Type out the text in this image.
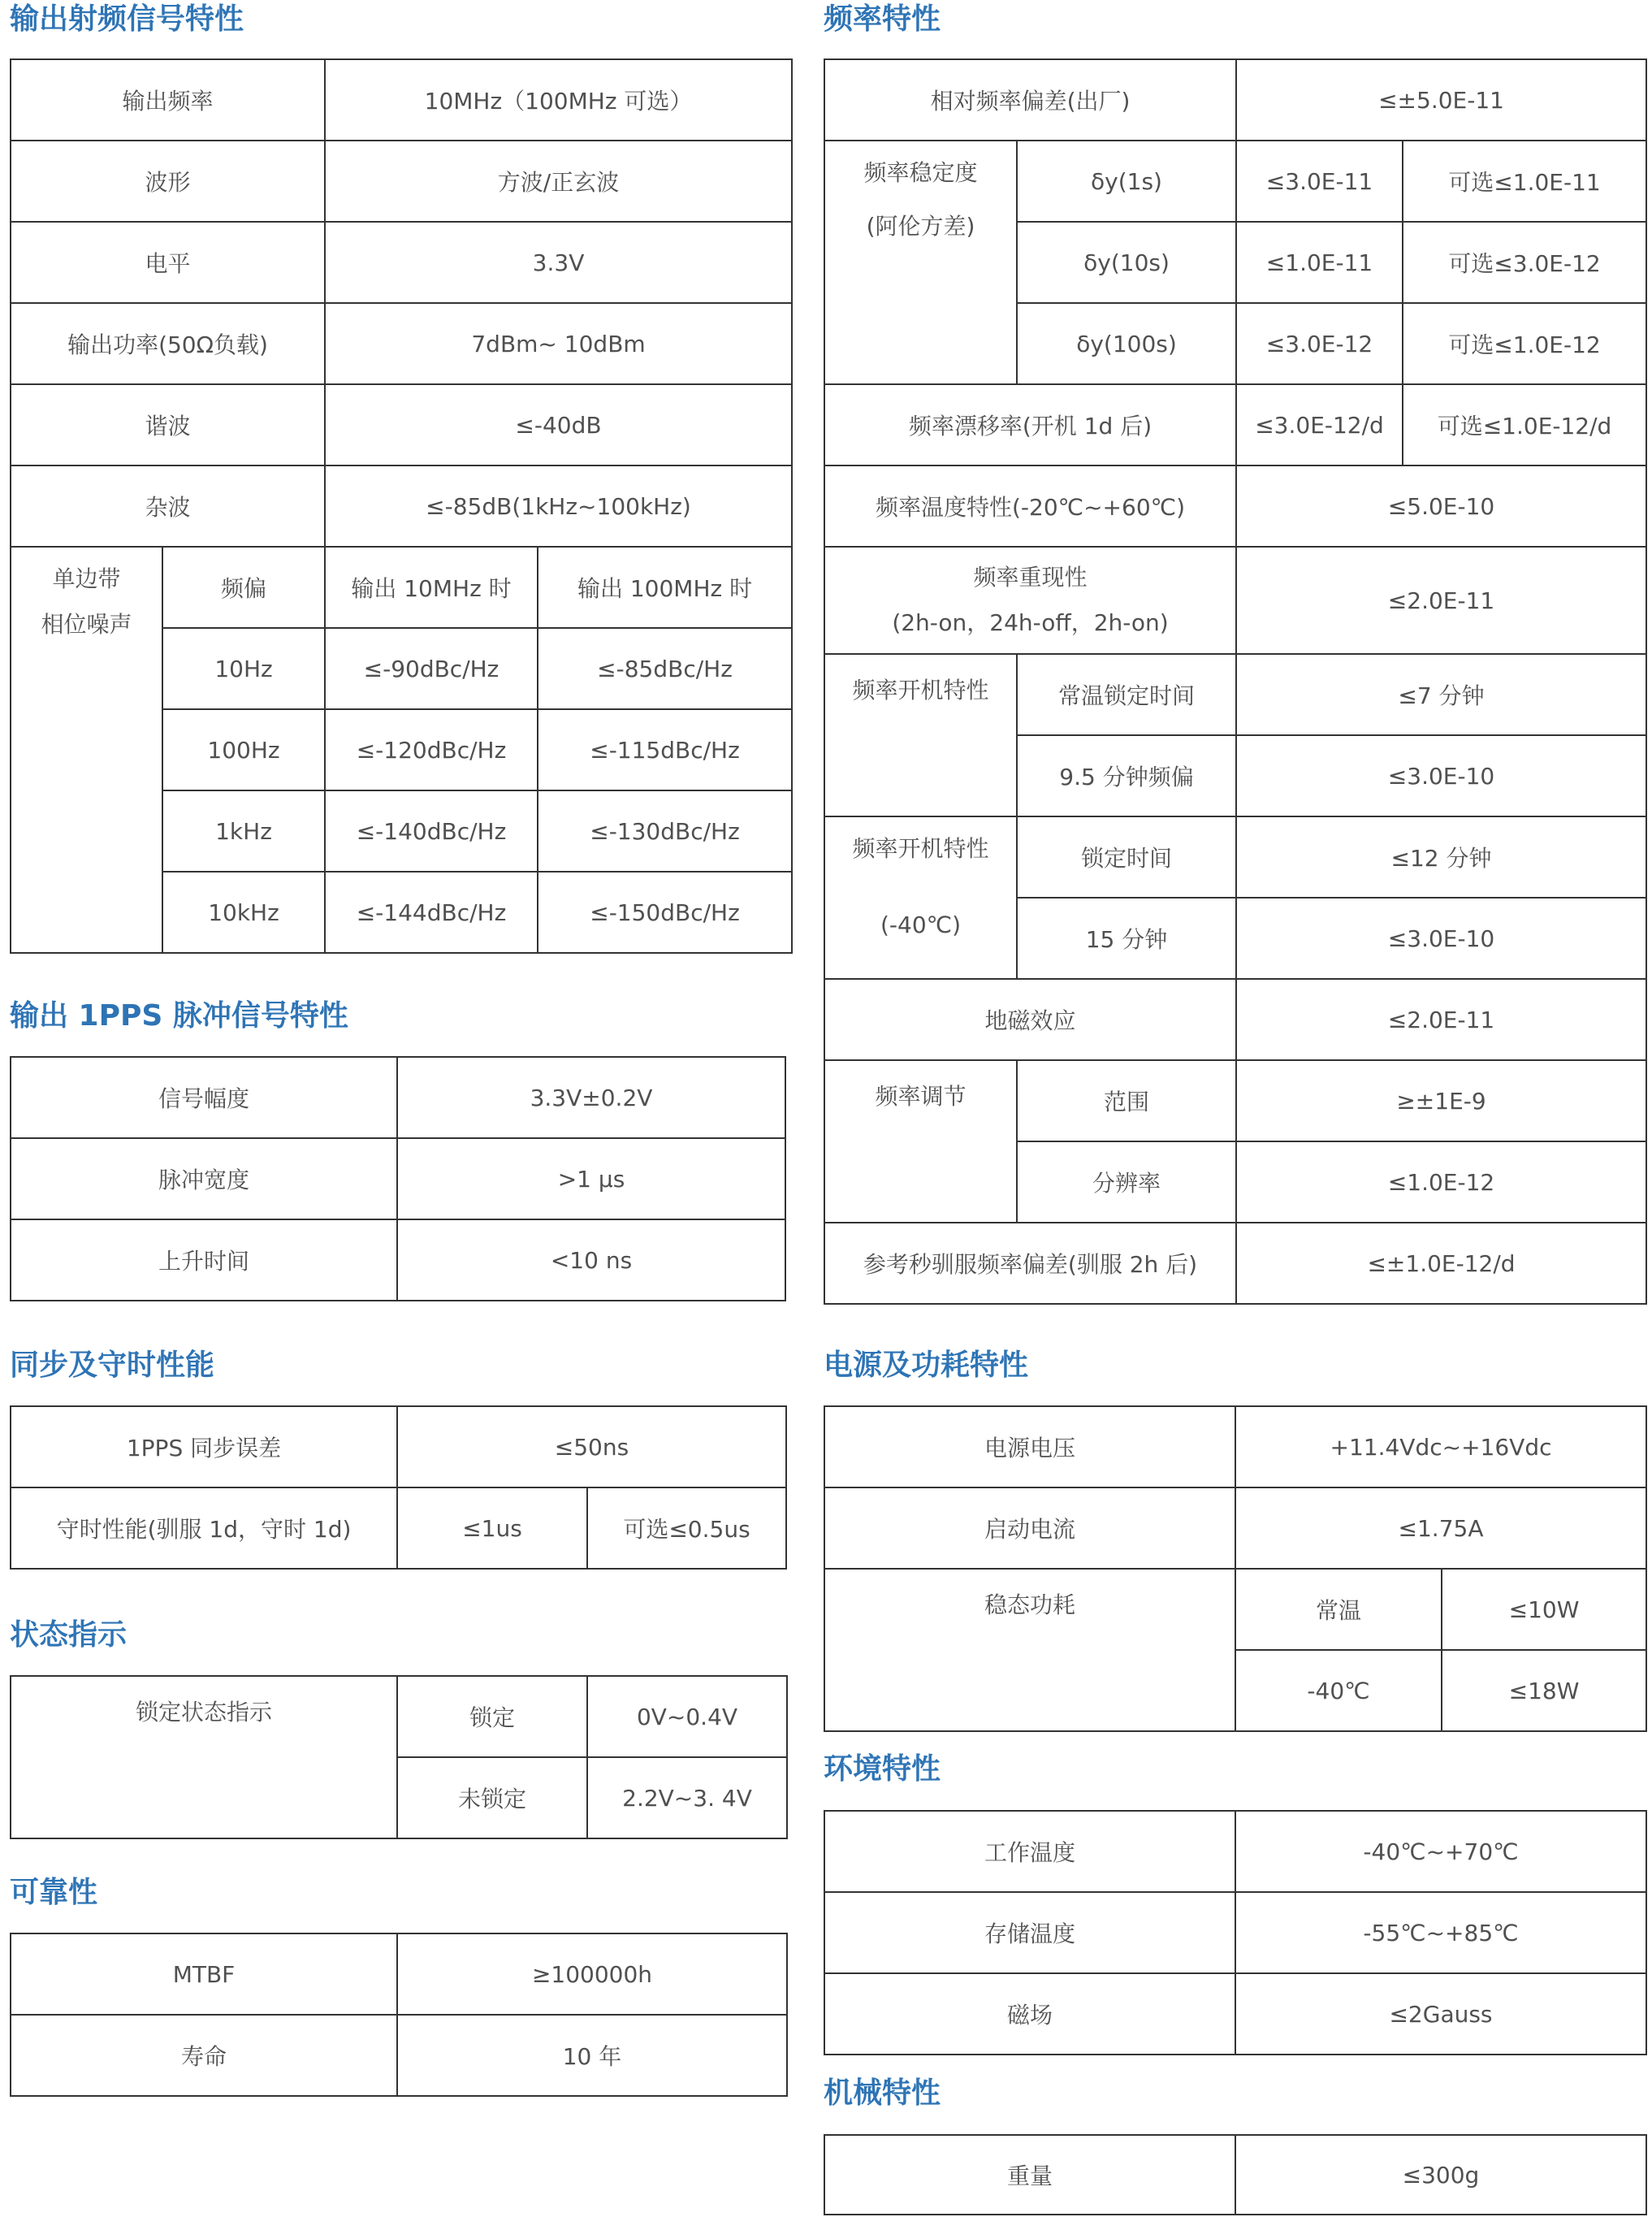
输出射频信号特性
输出频率		10MHz（100MHz 可选）	
波形		方波/正玄波	
电平		3.3V	
输出功率(50Ω负载)		7dBm~ 10dBm	
谐波		≤-40dB	
杂波		≤-85dB(1kHz~100kHz)	

单边带
相位噪声	频偏	输出 10MHz 时	输出 100MHz 时
	10Hz	≤-90dBc/Hz	≤-85dBc/Hz
	100Hz	≤-120dBc/Hz	≤-115dBc/Hz
	1kHz	≤-140dBc/Hz	≤-130dBc/Hz
	10kHz	≤-144dBc/Hz	≤-150dBc/Hz
输出 1PPS 脉冲信号特性
信号幅度	3.3V±0.2V
脉冲宽度	>1 μs
上升时间	<10 ns
同步及守时性能
1PPS 同步误差	≤50ns	
守时性能(驯服 1d，守时 1d)	≤1us	可选≤0.5us
状态指示
锁定状态指示	锁定	0V~0.4V
	未锁定	2.2V~3. 4V
可靠性
MTBF	≥100000h
寿命	10 年
频率特性
相对频率偏差(出厂)		≤±5.0E-11	

频率稳定度
(阿伦方差)	δy(1s)	≤3.0E-11	可选≤1.0E-11
	δy(10s)	≤1.0E-11	可选≤3.0E-12
	δy(100s)	≤3.0E-12	可选≤1.0E-12
频率漂移率(开机 1d 后)		≤3.0E-12/d	可选≤1.0E-12/d
频率温度特性(-20℃~+60℃)		≤5.0E-10	

频率重现性
(2h-on，24h-off，2h-on)		≤2.0E-11	
频率开机特性	常温锁定时间	≤7 分钟	
	9.5 分钟频偏	≤3.0E-10	

频率开机特性
(-40℃)	锁定时间	≤12 分钟	
	15 分钟	≤3.0E-10	
地磁效应		≤2.0E-11	
频率调节	范围	≥±1E-9	
	分辨率	≤1.0E-12	
参考秒驯服频率偏差(驯服 2h 后)		≤±1.0E-12/d	
电源及功耗特性
电源电压	+11.4Vdc~+16Vdc	
启动电流	≤1.75A	
稳态功耗	常温	≤10W
	-40℃	≤18W
环境特性
工作温度	-40℃~+70℃
存储温度	-55℃~+85℃
磁场	≤2Gauss
机械特性
重量	≤300g
